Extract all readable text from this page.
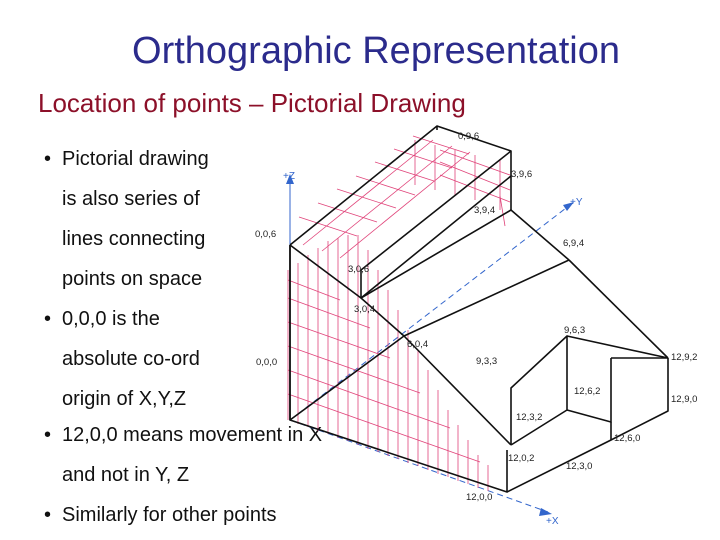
Orthographic Representation
Location of points – Pictorial Drawing
• Pictorial drawing
is also series of
lines connecting
points on space
• 0,0,0 is the
absolute co-ord
origin of X,Y,Z
• 12,0,0 means movement in X
and not in Y, Z
• Similarly for other points
+Z
+X
+Y
0,9,6
3,9,6
3,9,4
0,0,6
3,0,6
6,9,4
3,0,4
6,0,4
9,6,3
0,0,0	9,3,3	12,9,2
12,6,2
12,9,0
12,3,2
12,6,0
12,0,2
12,3,0
12,0,0
